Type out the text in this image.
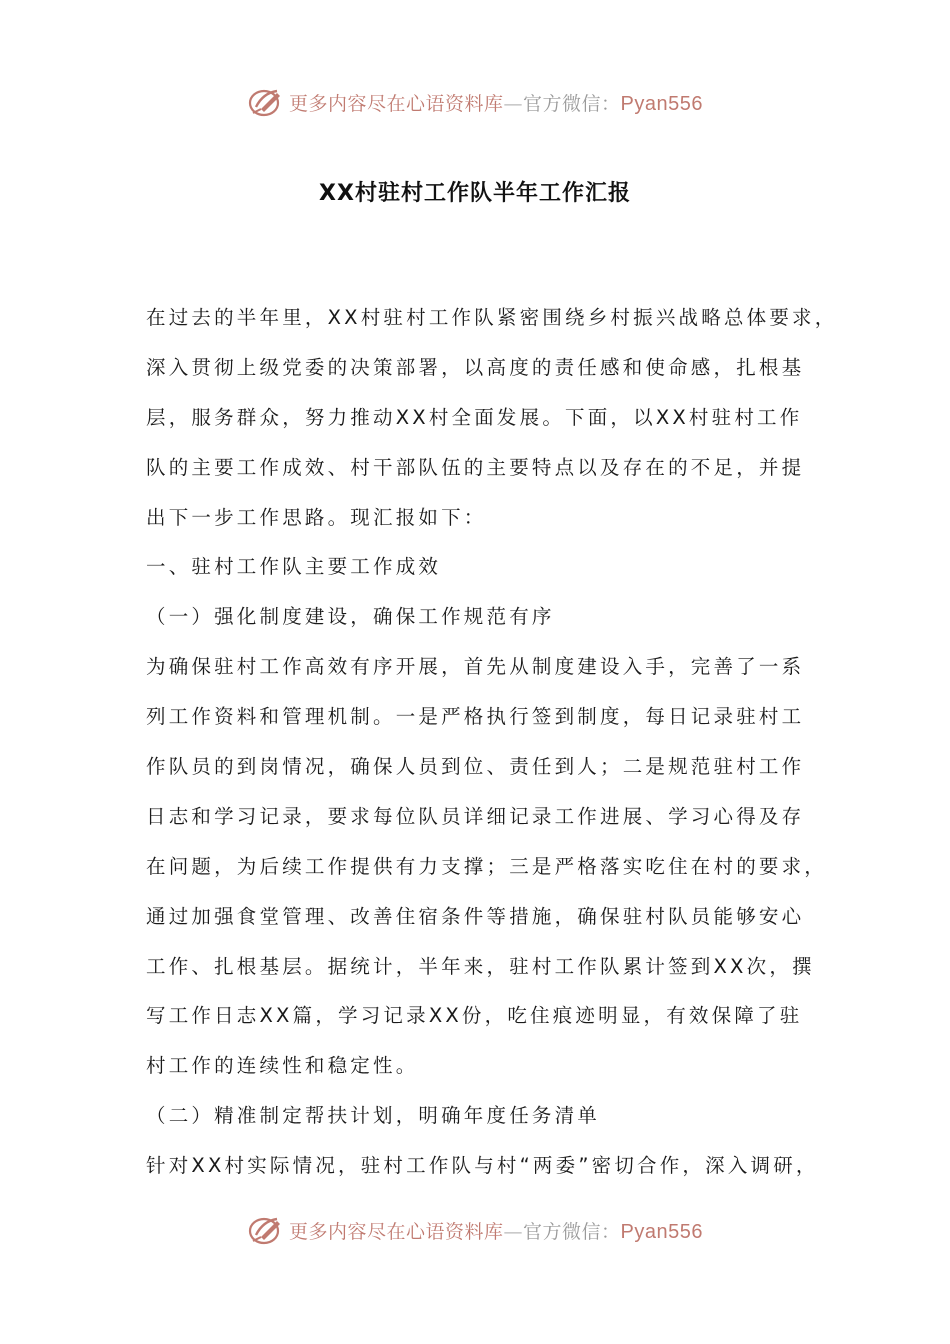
更多内容尽在心语资料库—官方微信：Pyan556
XX村驻村工作队半年工作汇报
在过去的半年里，XX村驻村工作队紧密围绕乡村振兴战略总体要求，
深入贯彻上级党委的决策部署，以高度的责任感和使命感，扎根基
层，服务群众，努力推动XX村全面发展。下面，以XX村驻村工作
队的主要工作成效、村干部队伍的主要特点以及存在的不足，并提
出下一步工作思路。现汇报如下：
一、驻村工作队主要工作成效
（一）强化制度建设，确保工作规范有序
为确保驻村工作高效有序开展，首先从制度建设入手，完善了一系
列工作资料和管理机制。一是严格执行签到制度，每日记录驻村工
作队员的到岗情况，确保人员到位、责任到人；二是规范驻村工作
日志和学习记录，要求每位队员详细记录工作进展、学习心得及存
在问题，为后续工作提供有力支撑；三是严格落实吃住在村的要求，
通过加强食堂管理、改善住宿条件等措施，确保驻村队员能够安心
工作、扎根基层。据统计，半年来，驻村工作队累计签到XX次，撰
写工作日志XX篇，学习记录XX份，吃住痕迹明显，有效保障了驻
村工作的连续性和稳定性。
（二）精准制定帮扶计划，明确年度任务清单
针对XX村实际情况，驻村工作队与村“两委”密切合作，深入调研，
更多内容尽在心语资料库—官方微信：Pyan556
